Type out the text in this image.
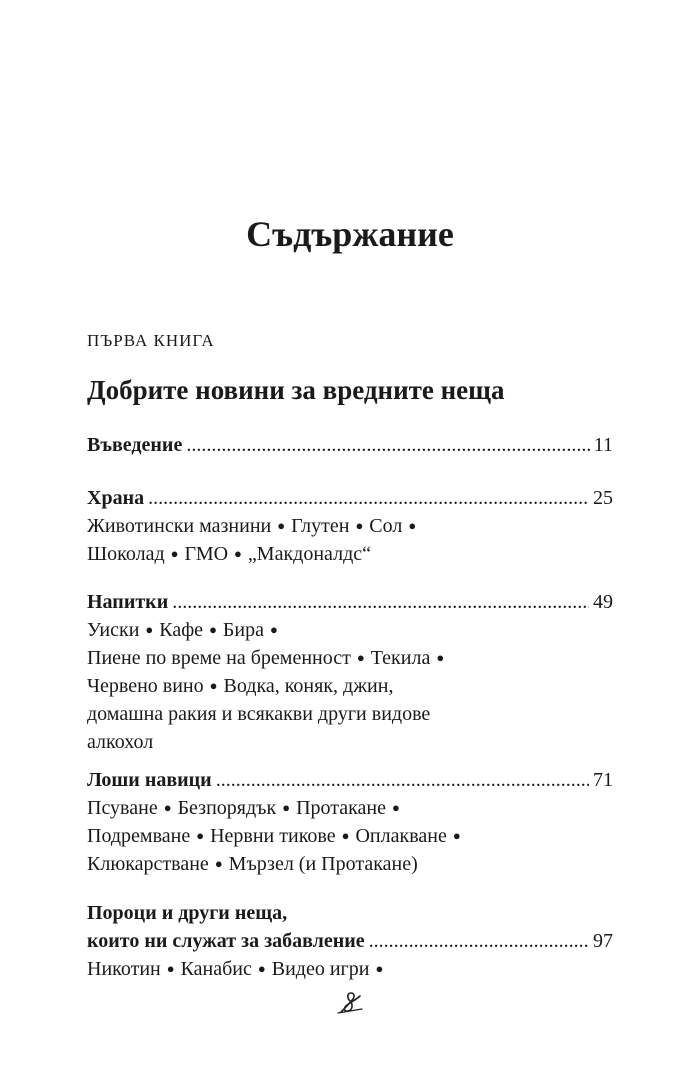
Съдържание
ПЪРВА КНИГА
Добрите новини за вредните неща
Въведение .....	11
Храна .....	25
Животински мазнини ● Глутен ● Сол ●
Шоколад ● ГМО ● „Макдоналдс“
Напитки .....	49
Уиски ● Кафе ● Бира ●
Пиене по време на бременност ● Текила ●
Червено вино ● Водка, коняк, джин,
домашна ракия и всякакви други видове
алкохол
Лоши навици .....	71
Псуване ● Безпорядък ● Протакане ●
Подремване ● Нервни тикове ● Оплакване ●
Клюкарстване ● Мързел (и Протакане)
Пороци и други неща,
които ни служат за забавление .....	97
Никотин ● Канабис ● Видео игри ●
